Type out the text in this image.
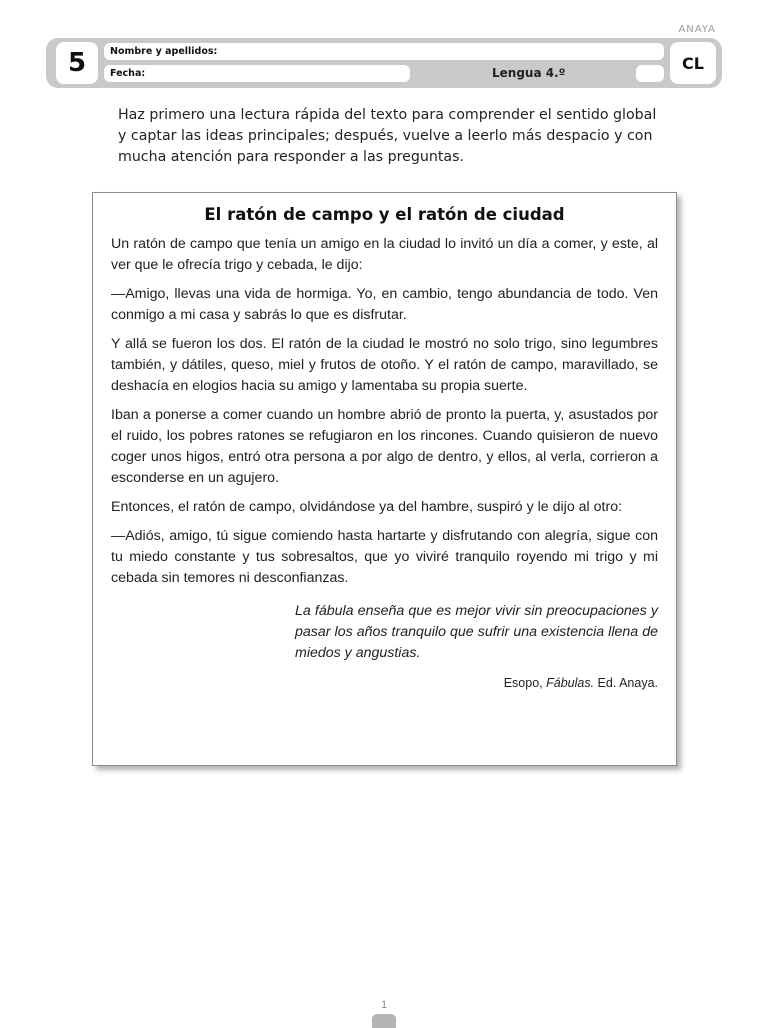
ANAYA
5	Nombre y apellidos:
Fecha:	Lengua 4.º
CL

Haz primero una lectura rápida del texto para comprender el sentido global y captar las ideas principales; después, vuelve a leerlo más despacio y con mucha atención para responder a las preguntas.

El ratón de campo y el ratón de ciudad

Un ratón de campo que tenía un amigo en la ciudad lo invitó un día a comer, y este, al ver que le ofrecía trigo y cebada, le dijo:

—Amigo, llevas una vida de hormiga. Yo, en cambio, tengo abundancia de todo. Ven conmigo a mi casa y sabrás lo que es disfrutar.

Y allá se fueron los dos. El ratón de la ciudad le mostró no solo trigo, sino legumbres también, y dátiles, queso, miel y frutos de otoño. Y el ratón de campo, maravillado, se deshacía en elogios hacia su amigo y lamentaba su propia suerte.

Iban a ponerse a comer cuando un hombre abrió de pronto la puerta, y, asustados por el ruido, los pobres ratones se refugiaron en los rincones. Cuando quisieron de nuevo coger unos higos, entró otra persona a por algo de dentro, y ellos, al verla, corrieron a esconderse en un agujero.

Entonces, el ratón de campo, olvidándose ya del hambre, suspiró y le dijo al otro:

—Adiós, amigo, tú sigue comiendo hasta hartarte y disfrutando con alegría, sigue con tu miedo constante y tus sobresaltos, que yo viviré tranquilo royendo mi trigo y mi cebada sin temores ni desconfianzas.

La fábula enseña que es mejor vivir sin preocupaciones y pasar los años tranquilo que sufrir una existencia llena de miedos y angustias.

Esopo, Fábulas. Ed. Anaya.

1
